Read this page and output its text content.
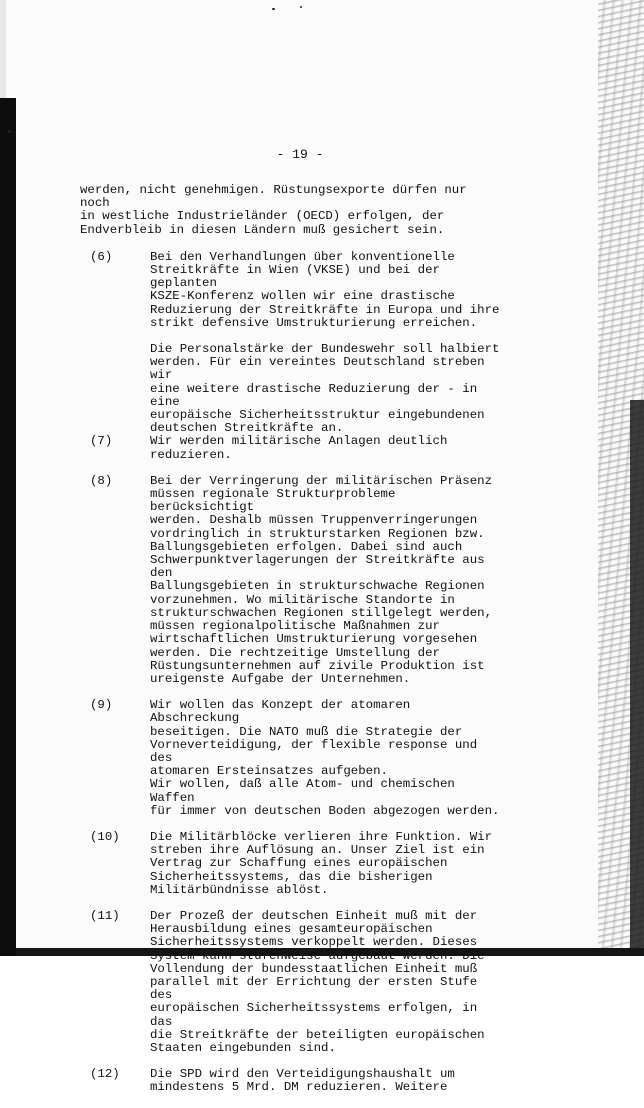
- 19 -

werden, nicht genehmigen. Rüstungsexporte dürfen nur noch
in westliche Industrieländer (OECD) erfolgen, der
Endverbleib in diesen Ländern muß gesichert sein.

(6)	Bei den Verhandlungen über konventionelle
Streitkräfte in Wien (VKSE) und bei der geplanten
KSZE-Konferenz wollen wir eine drastische
Reduzierung der Streitkräfte in Europa und ihre
strikt defensive Umstrukturierung erreichen.

Die Personalstärke der Bundeswehr soll halbiert
werden. Für ein vereintes Deutschland streben wir
eine weitere drastische Reduzierung der - in eine
europäische Sicherheitsstruktur eingebundenen
deutschen Streitkräfte an.

(7)	Wir werden militärische Anlagen deutlich
reduzieren.

(8)	Bei der Verringerung der militärischen Präsenz
müssen regionale Strukturprobleme berücksichtigt
werden. Deshalb müssen Truppenverringerungen
vordringlich in strukturstarken Regionen bzw.
Ballungsgebieten erfolgen. Dabei sind auch
Schwerpunktverlagerungen der Streitkräfte aus den
Ballungsgebieten in strukturschwache Regionen
vorzunehmen. Wo militärische Standorte in
strukturschwachen Regionen stillgelegt werden,
müssen regionalpolitische Maßnahmen zur
wirtschaftlichen Umstrukturierung vorgesehen
werden. Die rechtzeitige Umstellung der
Rüstungsunternehmen auf zivile Produktion ist
ureigenste Aufgabe der Unternehmen.

(9)	Wir wollen das Konzept der atomaren Abschreckung
beseitigen. Die NATO muß die Strategie der
Vorneverteidigung, der flexible response und des
atomaren Ersteinsatzes aufgeben.
Wir wollen, daß alle Atom- und chemischen Waffen
für immer von deutschen Boden abgezogen werden.

(10)	Die Militärblöcke verlieren ihre Funktion. Wir
streben ihre Auflösung an. Unser Ziel ist ein
Vertrag zur Schaffung eines europäischen
Sicherheitssystems, das die bisherigen
Militärbündnisse ablöst.

(11)	Der Prozeß der deutschen Einheit muß mit der
Herausbildung eines gesamteuropäischen
Sicherheitssystems verkoppelt werden. Dieses
System kann stufenweise aufgebaut werden. Die
Vollendung der bundesstaatlichen Einheit muß
parallel mit der Errichtung der ersten Stufe des
europäischen Sicherheitssystems erfolgen, in das
die Streitkräfte der beteiligten europäischen
Staaten eingebunden sind.

(12)	Die SPD wird den Verteidigungshaushalt um
mindestens 5 Mrd. DM reduzieren. Weitere
